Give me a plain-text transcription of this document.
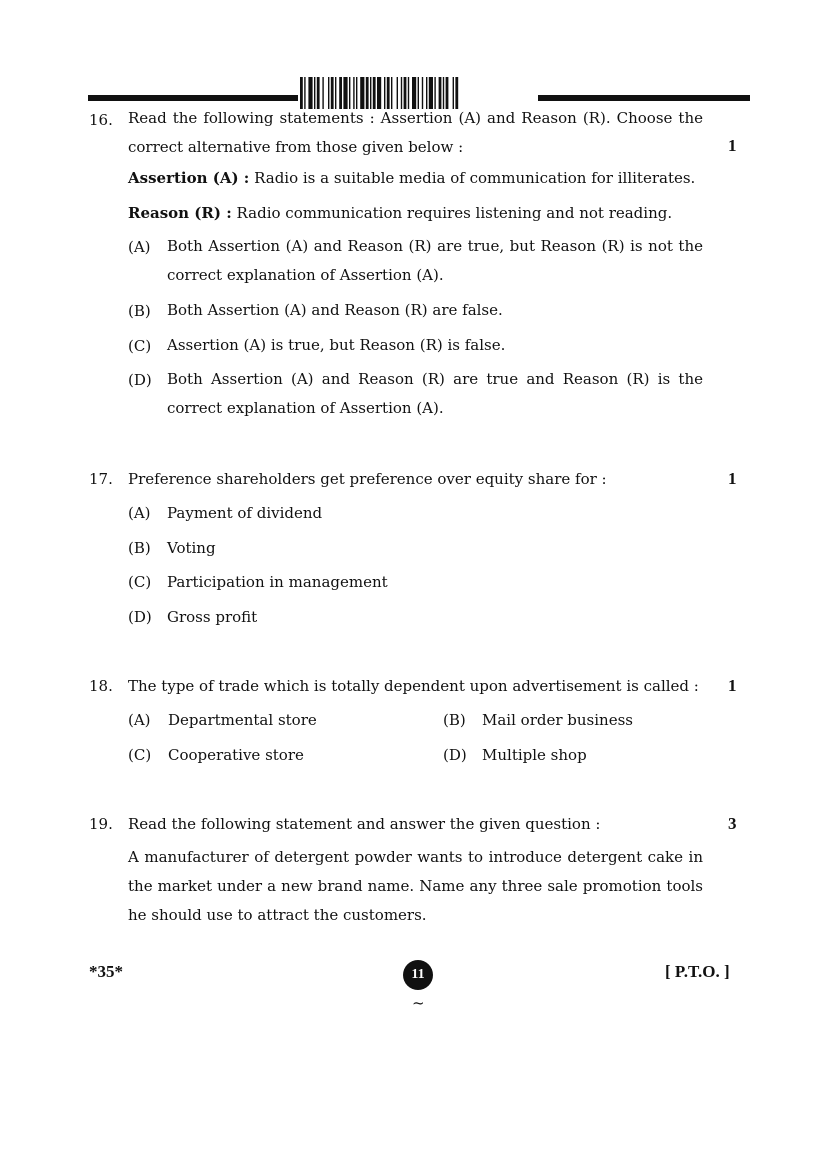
16. Read the following statements : Assertion (A) and Reason (R). Choose the correct alternative from those given below :	1
Assertion (A) : Radio is a suitable media of communication for illiterates.
Reason (R) : Radio communication requires listening and not reading.
(A) Both Assertion (A) and Reason (R) are true, but Reason (R) is not the correct explanation of Assertion (A).
(B) Both Assertion (A) and Reason (R) are false.
(C) Assertion (A) is true, but Reason (R) is false.
(D) Both Assertion (A) and Reason (R) are true and Reason (R) is the correct explanation of Assertion (A).
17. Preference shareholders get preference over equity share for :	1
(A) Payment of dividend
(B) Voting
(C) Participation in management
(D) Gross profit
18. The type of trade which is totally dependent upon advertisement is called : 1
(A) Departmental store	(B) Mail order business
(C) Cooperative store	(D) Multiple shop
19. Read the following statement and answer the given question :	3
A manufacturer of detergent powder wants to introduce detergent cake in the market under a new brand name. Name any three sale promotion tools he should use to attract the customers.
*35*	11	[ P.T.O. ]
~
